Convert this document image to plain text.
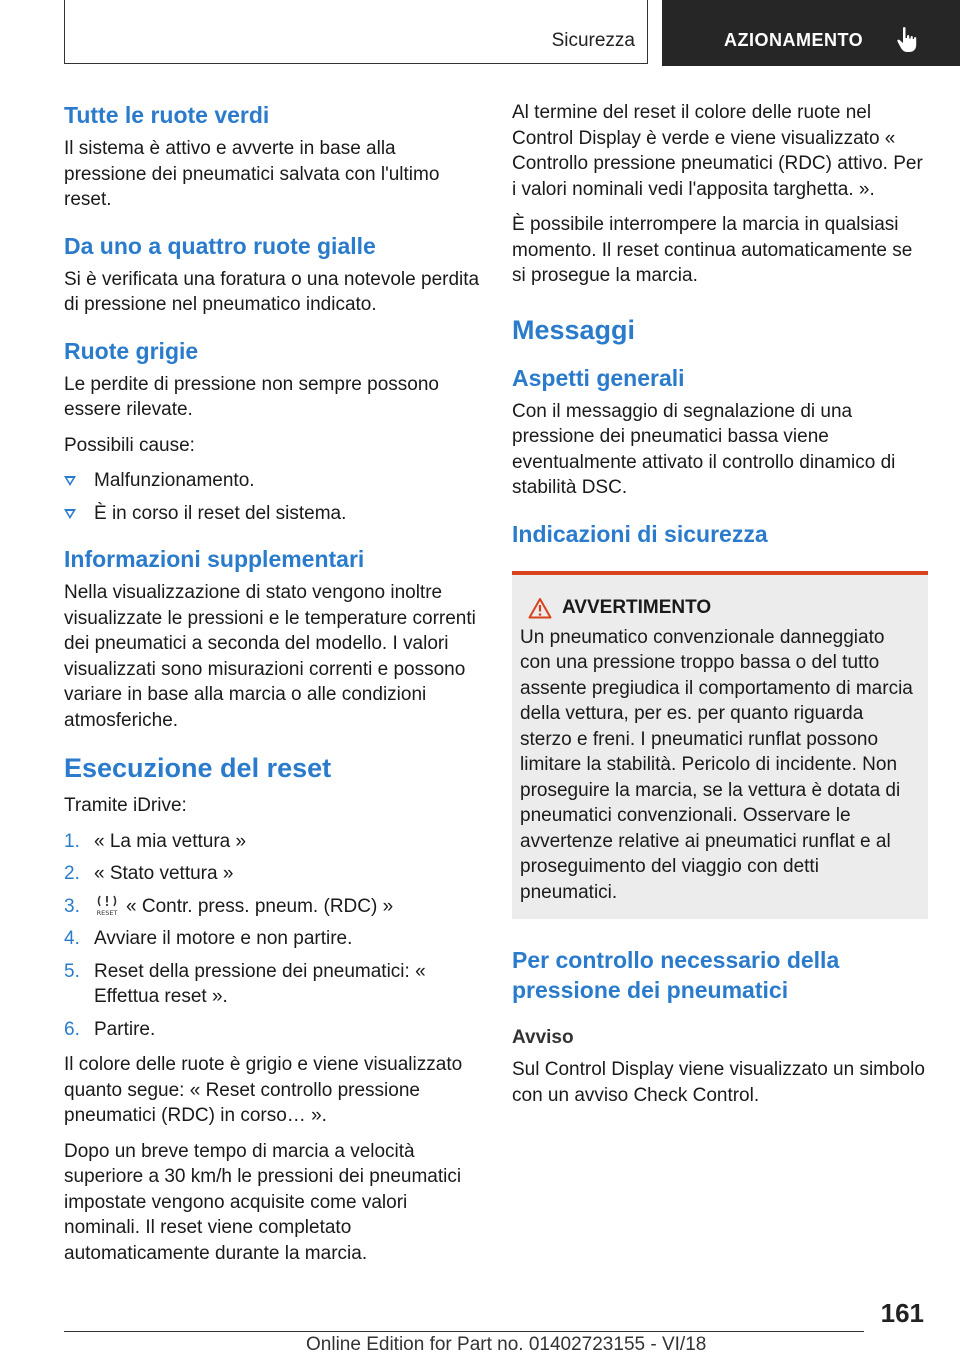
Sicurezza	AZIONAMENTO
Tutte le ruote verdi

Il sistema è attivo e avverte in base alla pressione dei pneumatici salvata con l'ultimo reset.

Da uno a quattro ruote gialle

Si è verificata una foratura o una notevole perdita di pressione nel pneumatico indicato.

Ruote grigie

Le perdite di pressione non sempre possono essere rilevate.

Possibili cause:

Malfunzionamento.
È in corso il reset del sistema.
Informazioni supplementari

Nella visualizzazione di stato vengono inoltre visualizzate le pressioni e le temperature correnti dei pneumatici a seconda del modello. I valori visualizzati sono misurazioni correnti e possono variare in base alla marcia o alle condizioni atmosferiche.

Esecuzione del reset

Tramite iDrive:

1. « La mia vettura »
2. « Stato vettura »
3.	RESET « Contr. press. pneum. (RDC) »
4. Avviare il motore e non partire.
5. Reset della pressione dei pneumatici: « Effettua reset ».
6. Partire.

Il colore delle ruote è grigio e viene visualizzato quanto segue: « Reset controllo pressione pneumatici (RDC) in corso… ».

Dopo un breve tempo di marcia a velocità superiore a 30 km/h le pressioni dei pneumatici impostate vengono acquisite come valori nominali. Il reset viene completato automaticamente durante la marcia.

Al termine del reset il colore delle ruote nel Control Display è verde e viene visualizzato « Controllo pressione pneumatici (RDC) attivo. Per i valori nominali vedi l'apposita targhetta. ».

È possibile interrompere la marcia in qualsiasi momento. Il reset continua automaticamente se si prosegue la marcia.

Messaggi
Aspetti generali

Con il messaggio di segnalazione di una pressione dei pneumatici bassa viene eventualmente attivato il controllo dinamico di stabilità DSC.

Indicazioni di sicurezza
AVVERTIMENTO

Un pneumatico convenzionale danneggiato con una pressione troppo bassa o del tutto assente pregiudica il comportamento di marcia della vettura, per es. per quanto riguarda sterzo e freni. I pneumatici runflat possono limitare la stabilità. Pericolo di incidente. Non proseguire la marcia, se la vettura è dotata di pneumatici convenzionali. Osservare le avvertenze relative ai pneumatici runflat e al proseguimento del viaggio con detti pneumatici.

Per controllo necessario della pressione dei pneumatici
Avviso

Sul Control Display viene visualizzato un simbolo con un avviso Check Control.

161
Online Edition for Part no. 01402723155 - VI/18
